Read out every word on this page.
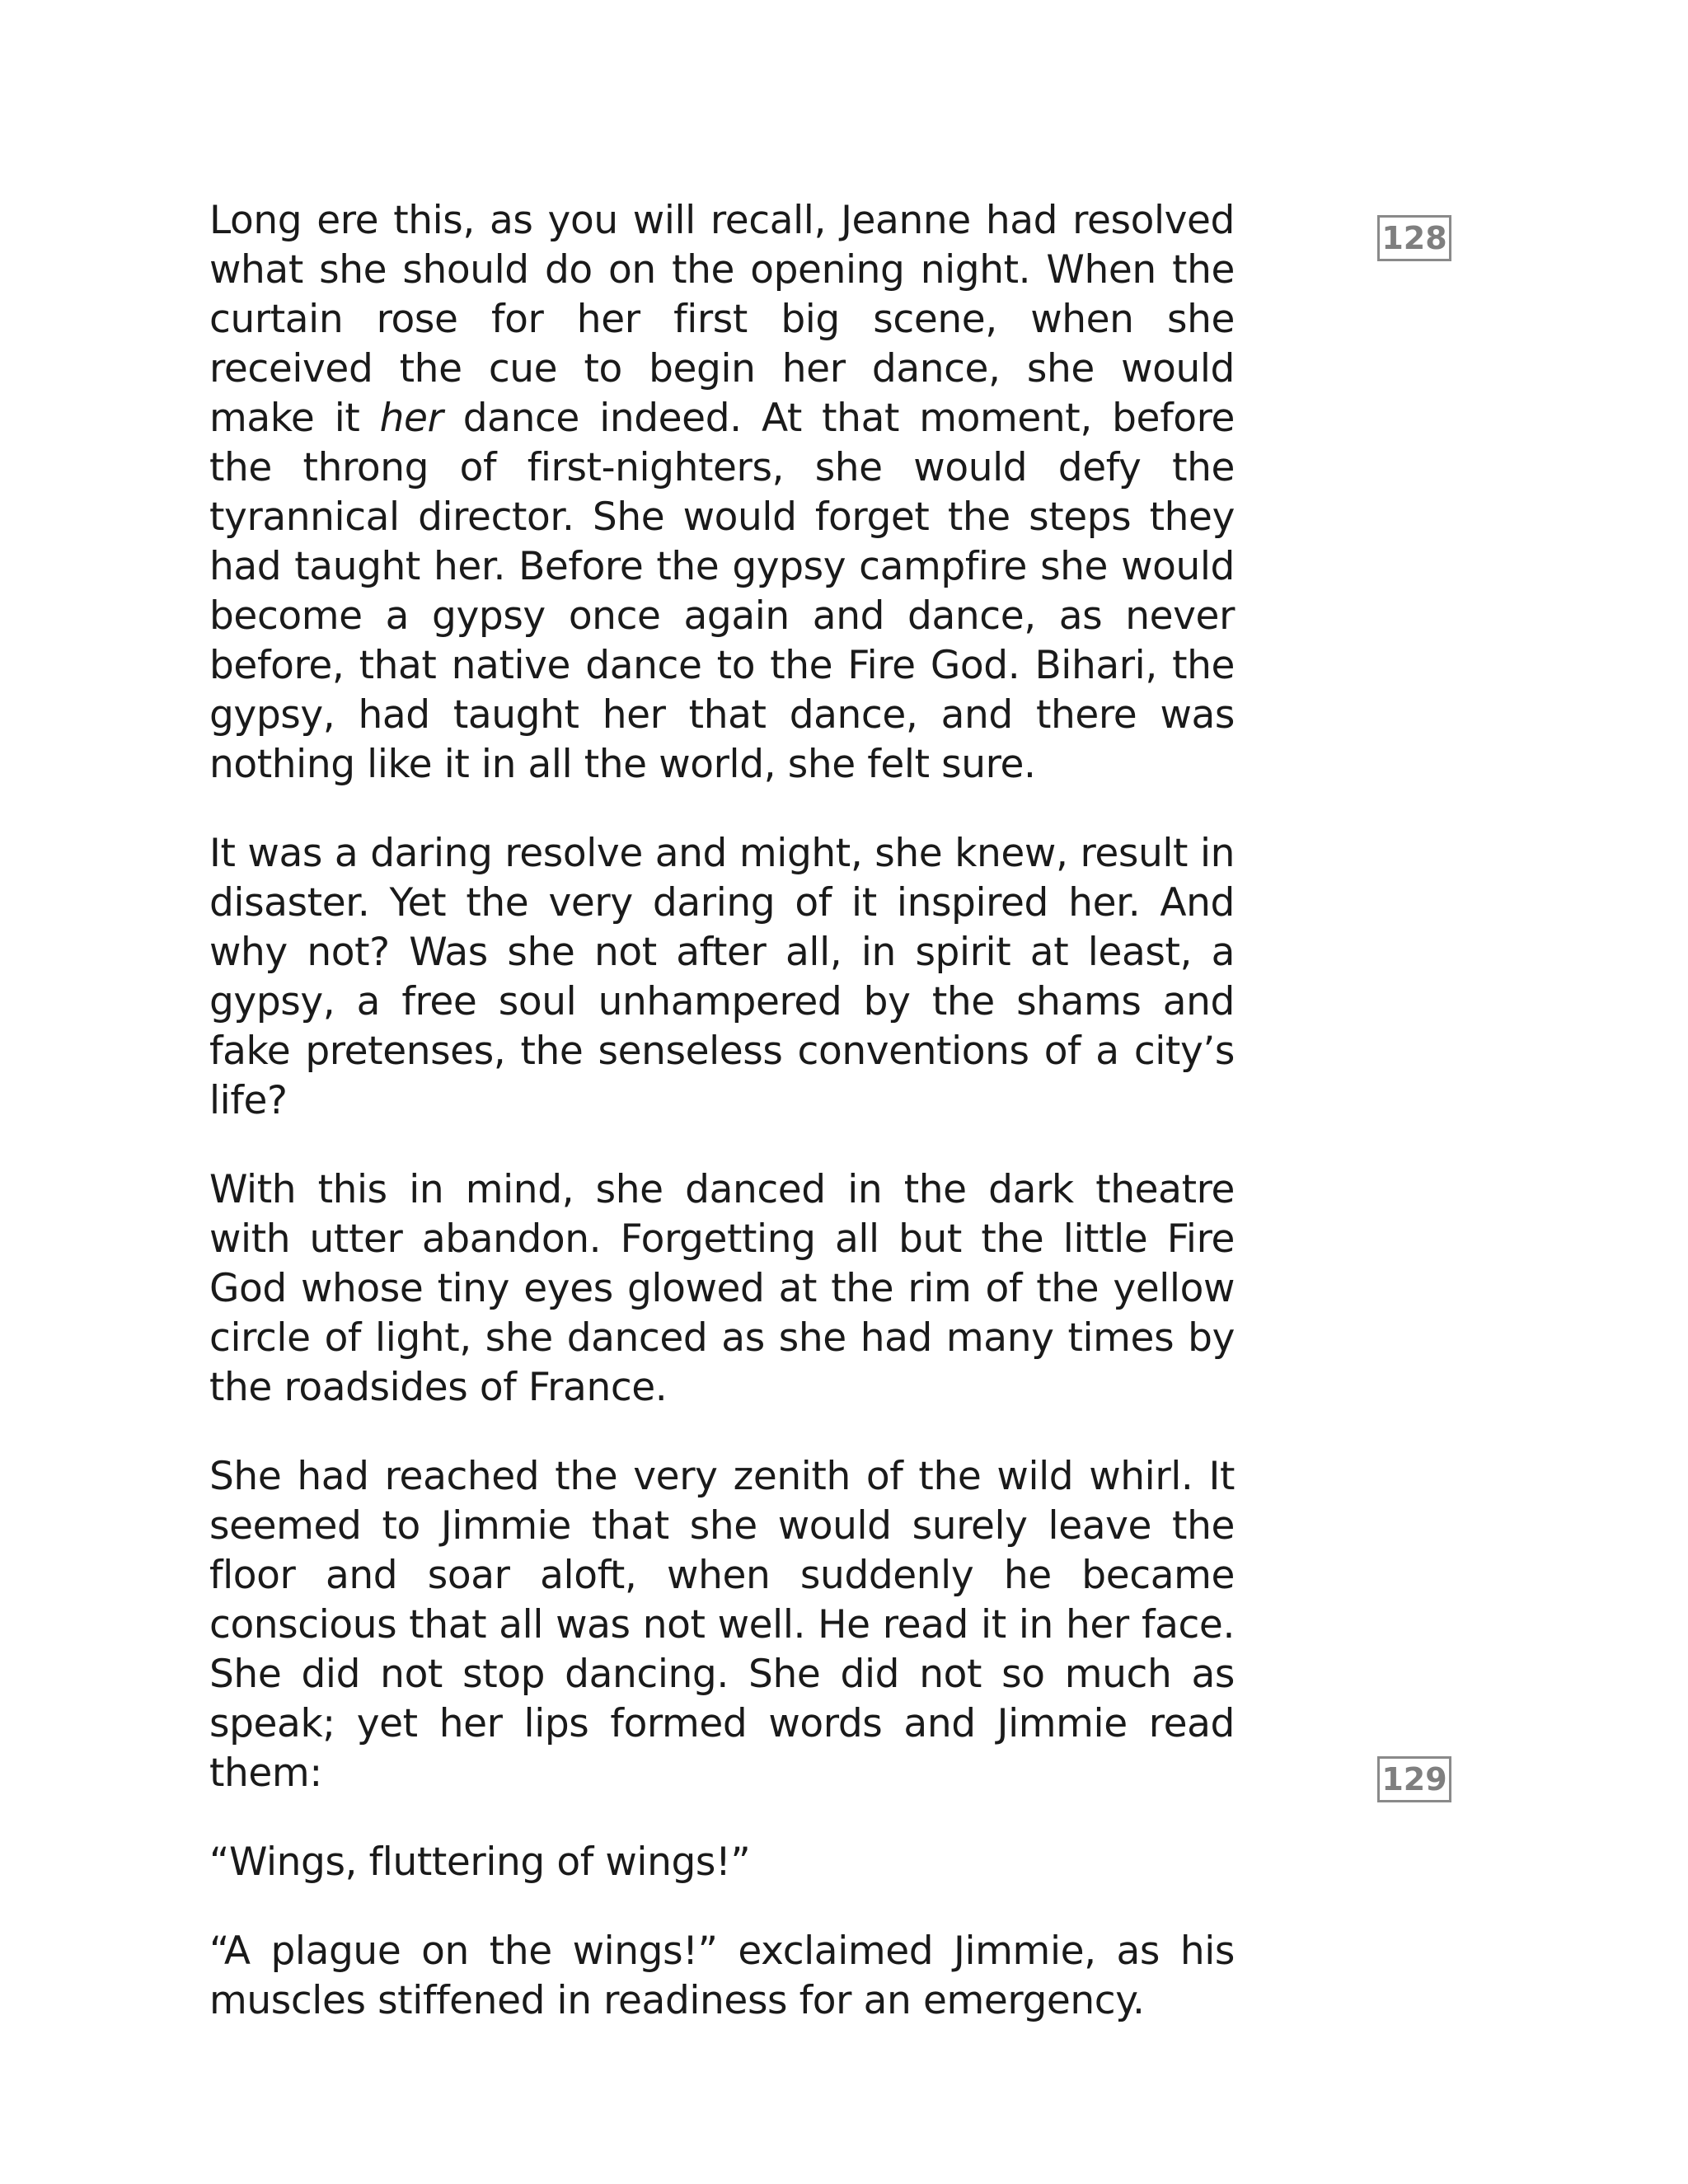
Long ere this, as you will recall, Jeanne had resolved what she should do on the opening night. When the curtain rose for her first big scene, when she received the cue to begin her dance, she would make it her dance indeed. At that moment, before the throng of first-nighters, she would defy the tyrannical director. She would forget the steps they had taught her. Before the gypsy campfire she would become a gypsy once again and dance, as never before, that native dance to the Fire God. Bihari, the gypsy, had taught her that dance, and there was nothing like it in all the world, she felt sure.

It was a daring resolve and might, she knew, result in disaster. Yet the very daring of it inspired her. And why not? Was she not after all, in spirit at least, a gypsy, a free soul unhampered by the shams and fake pretenses, the senseless conventions of a city’s life?

With this in mind, she danced in the dark theatre with utter abandon. Forgetting all but the little Fire God whose tiny eyes glowed at the rim of the yellow circle of light, she danced as she had many times by the roadsides of France.

She had reached the very zenith of the wild whirl. It seemed to Jimmie that she would surely leave the floor and soar aloft, when suddenly he became conscious that all was not well. He read it in her face. She did not stop dancing. She did not so much as speak; yet her lips formed words and Jimmie read them:

“Wings, fluttering of wings!”

“A plague on the wings!” exclaimed Jimmie, as his muscles stiffened in readiness for an emergency.

128
129
